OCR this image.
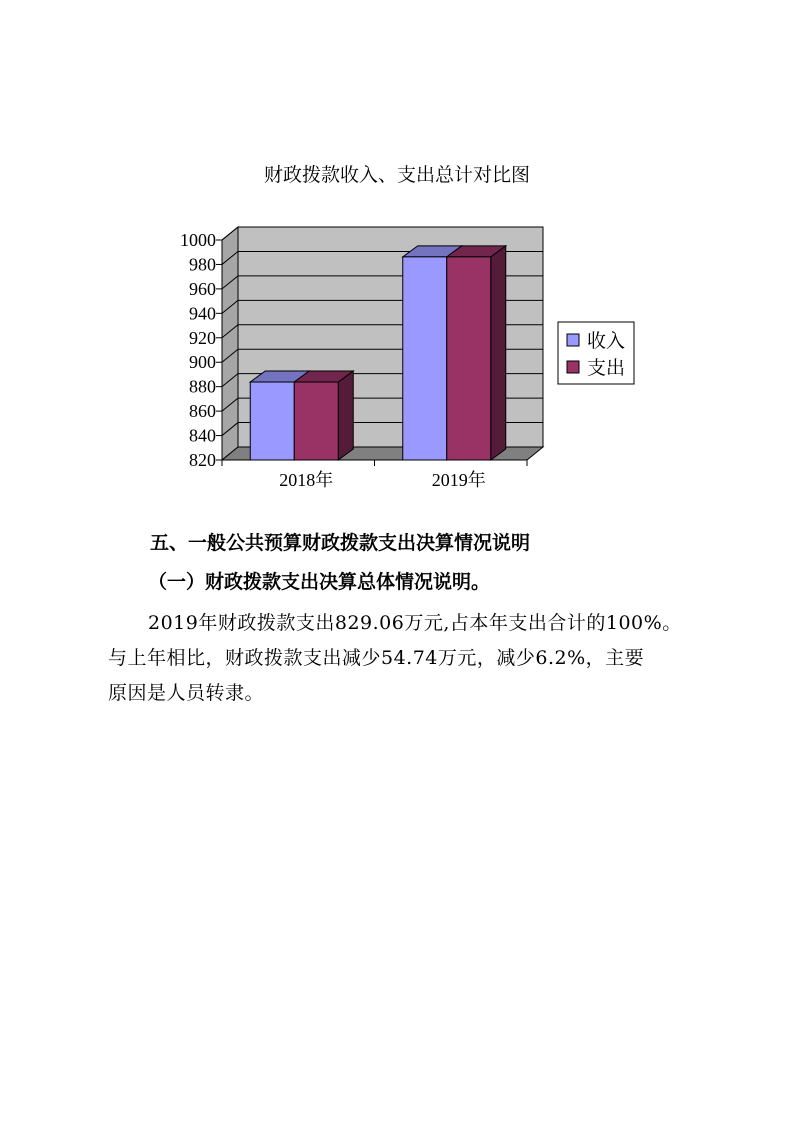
财政拨款收入、支出总计对比图
820
840
860
880
900
920
940
960
980
1000
2018年	2019年
收入
支出
五、一般公共预算财政拨款支出决算情况说明
（一）财政拨款支出决算总体情况说明。
2019年财政拨款支出829.06万元,占本年支出合计的100%。
与上年相比，财政拨款支出减少54.74万元，减少6.2%，主要
原因是人员转隶。
